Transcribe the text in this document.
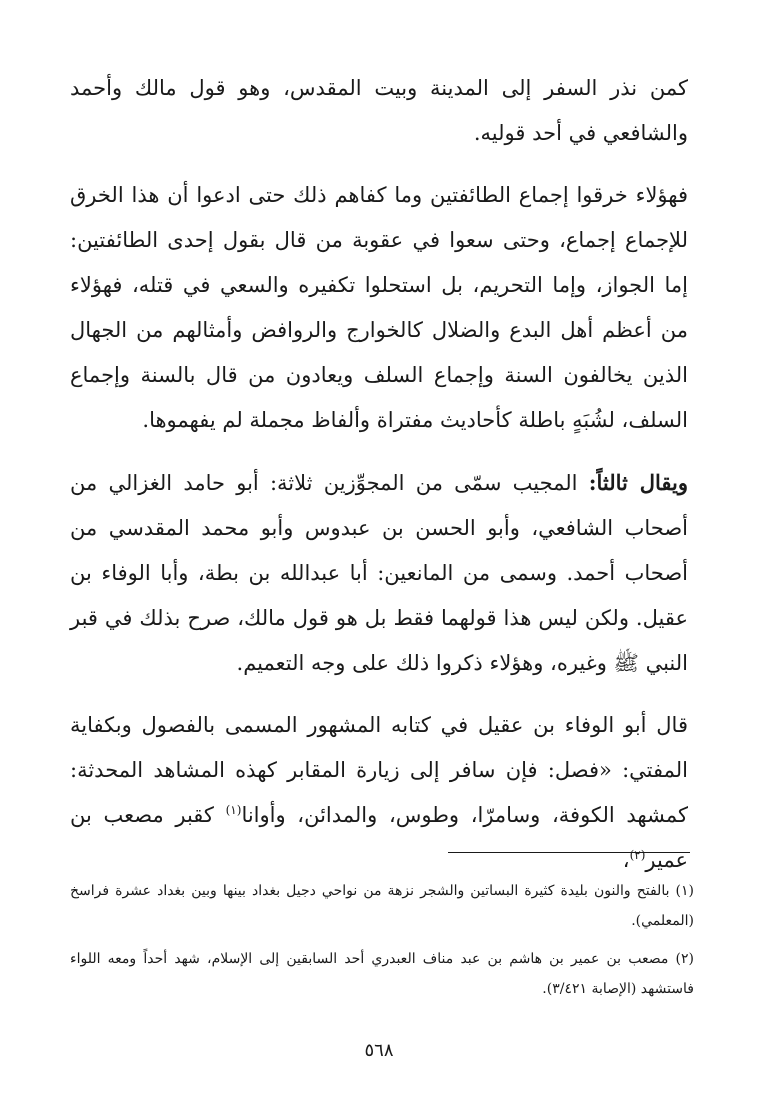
كمن نذر السفر إلى المدينة وبيت المقدس، وهو قول مالك وأحمد والشافعي في أحد قوليه.

فهؤلاء خرقوا إجماع الطائفتين وما كفاهم ذلك حتى ادعوا أن هذا الخرق للإجماع إجماع، وحتى سعوا في عقوبة من قال بقول إحدى الطائفتين: إما الجواز، وإما التحريم، بل استحلوا تكفيره والسعي في قتله، فهؤلاء من أعظم أهل البدع والضلال كالخوارج والروافض وأمثالهم من الجهال الذين يخالفون السنة وإجماع السلف ويعادون من قال بالسنة وإجماع السلف، لشُبَهٍ باطلة كأحاديث مفتراة وألفاظ مجملة لم يفهموها.

ويقال ثالثاً: المجيب سمّى من المجوِّزين ثلاثة: أبو حامد الغزالي من أصحاب الشافعي، وأبو الحسن بن عبدوس وأبو محمد المقدسي من أصحاب أحمد. وسمى من المانعين: أبا عبدالله بن بطة، وأبا الوفاء بن عقيل. ولكن ليس هذا قولهما فقط بل هو قول مالك، صرح بذلك في قبر النبي ﷺ وغيره، وهؤلاء ذكروا ذلك على وجه التعميم.

قال أبو الوفاء بن عقيل في كتابه المشهور المسمى بالفصول وبكفاية المفتي: «فصل: فإن سافر إلى زيارة المقابر كهذه المشاهد المحدثة: كمشهد الكوفة، وسامرّا، وطوس، والمدائن، وأوانا$^{(١)}$ كقبر مصعب بن عمير$^{(٢)}$،

(١) بالفتح والنون بليدة كثيرة البساتين والشجر نزهة من نواحي دجيل بغداد بينها وبين بغداد عشرة فراسخ (المعلمي).

(٢) مصعب بن عمير بن هاشم بن عبد مناف العبدري أحد السابقين إلى الإسلام، شهد أحداً ومعه اللواء فاستشهد (الإصابة ٣/٤٢١).

٥٦٨
